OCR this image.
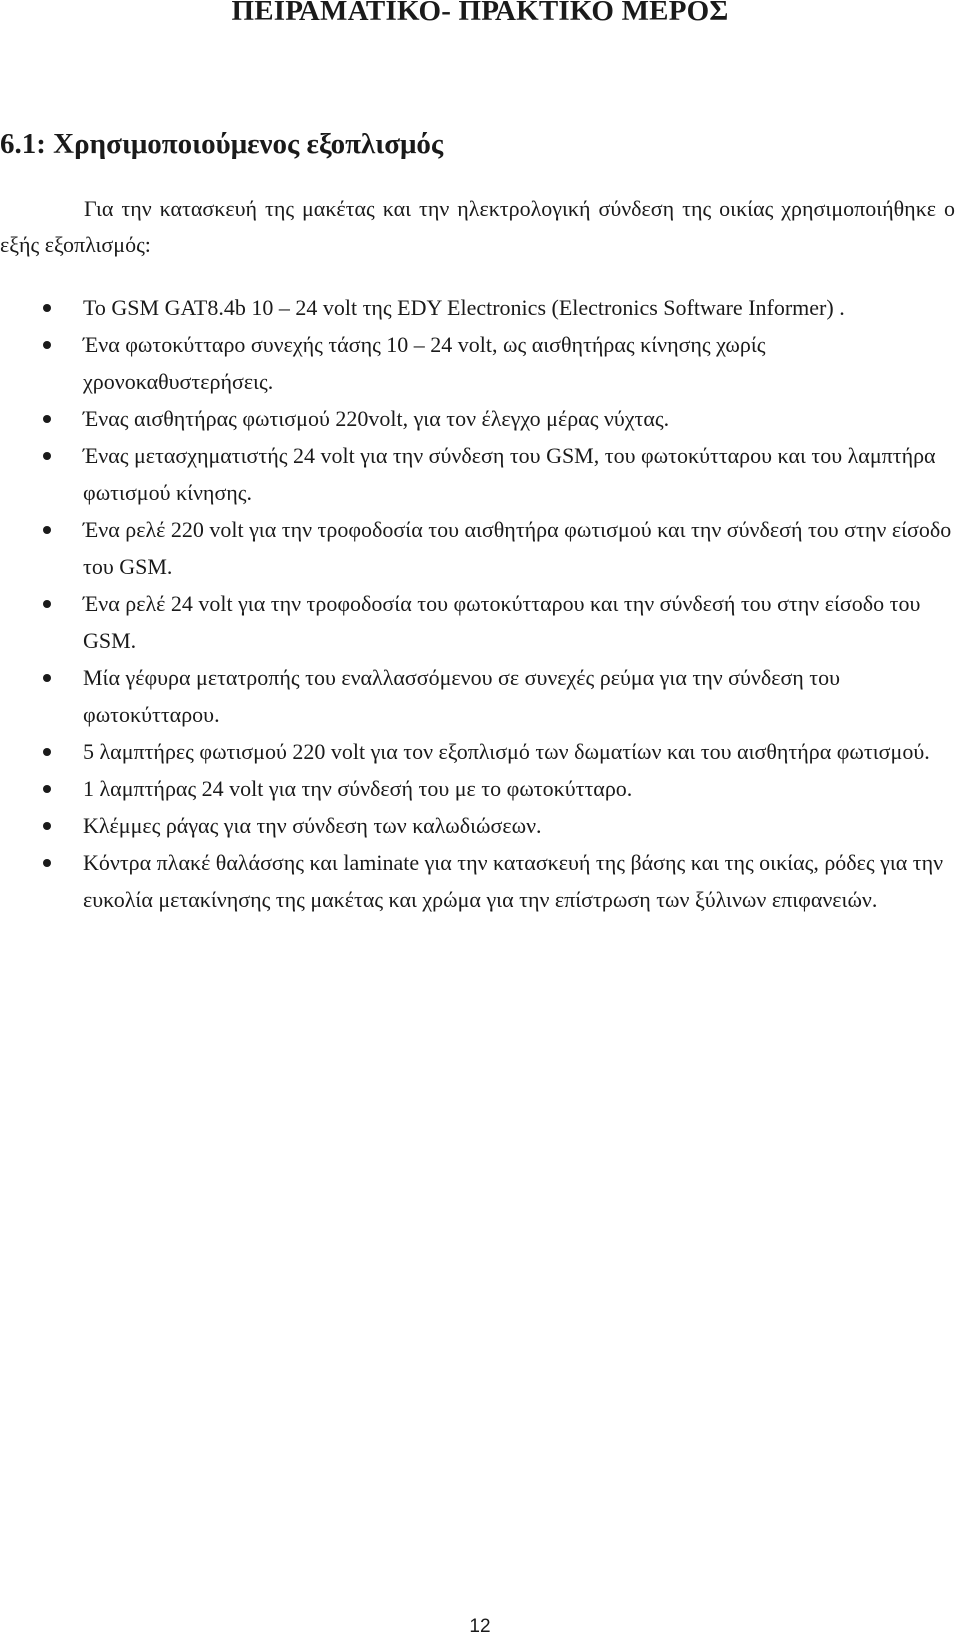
ΠΕΙΡΑΜΑΤΙΚΟ- ΠΡΑΚΤΙΚΟ ΜΕΡΟΣ
6.1: Χρησιμοποιούμενος εξοπλισμός

Για την κατασκευή της μακέτας και την ηλεκτρολογική σύνδεση της οικίας χρησιμοποιήθηκε ο εξής εξοπλισμός:

To GSM GAT8.4b 10 – 24 volt της EDY Electronics (Electronics Software Informer) .
Ένα φωτοκύτταρο συνεχής τάσης 10 – 24 volt, ως αισθητήρας κίνησης χωρίς χρονοκαθυστερήσεις.
Ένας αισθητήρας φωτισμού 220volt, για τον έλεγχο μέρας νύχτας.
Ένας μετασχηματιστής 24 volt για την σύνδεση του GSM, του φωτοκύτταρου και του λαμπτήρα φωτισμού κίνησης.
Ένα ρελέ 220 volt για την τροφοδοσία του αισθητήρα φωτισμού και την σύνδεσή του στην είσοδο του GSM.
Ένα ρελέ 24 volt για την τροφοδοσία του φωτοκύτταρου και την σύνδεσή του στην είσοδο του GSM.
Μία γέφυρα μετατροπής του εναλλασσόμενου σε συνεχές ρεύμα για την σύνδεση του φωτοκύτταρου.
5 λαμπτήρες φωτισμού 220 volt για τον εξοπλισμό των δωματίων και του αισθητήρα φωτισμού.
1 λαμπτήρας 24 volt για την σύνδεσή του με το φωτοκύτταρο.
Κλέμμες ράγας για την σύνδεση των καλωδιώσεων.
Κόντρα πλακέ θαλάσσης και laminate για την κατασκευή της βάσης και της οικίας, ρόδες για την ευκολία μετακίνησης της μακέτας και χρώμα για την επίστρωση των ξύλινων επιφανειών.
12
